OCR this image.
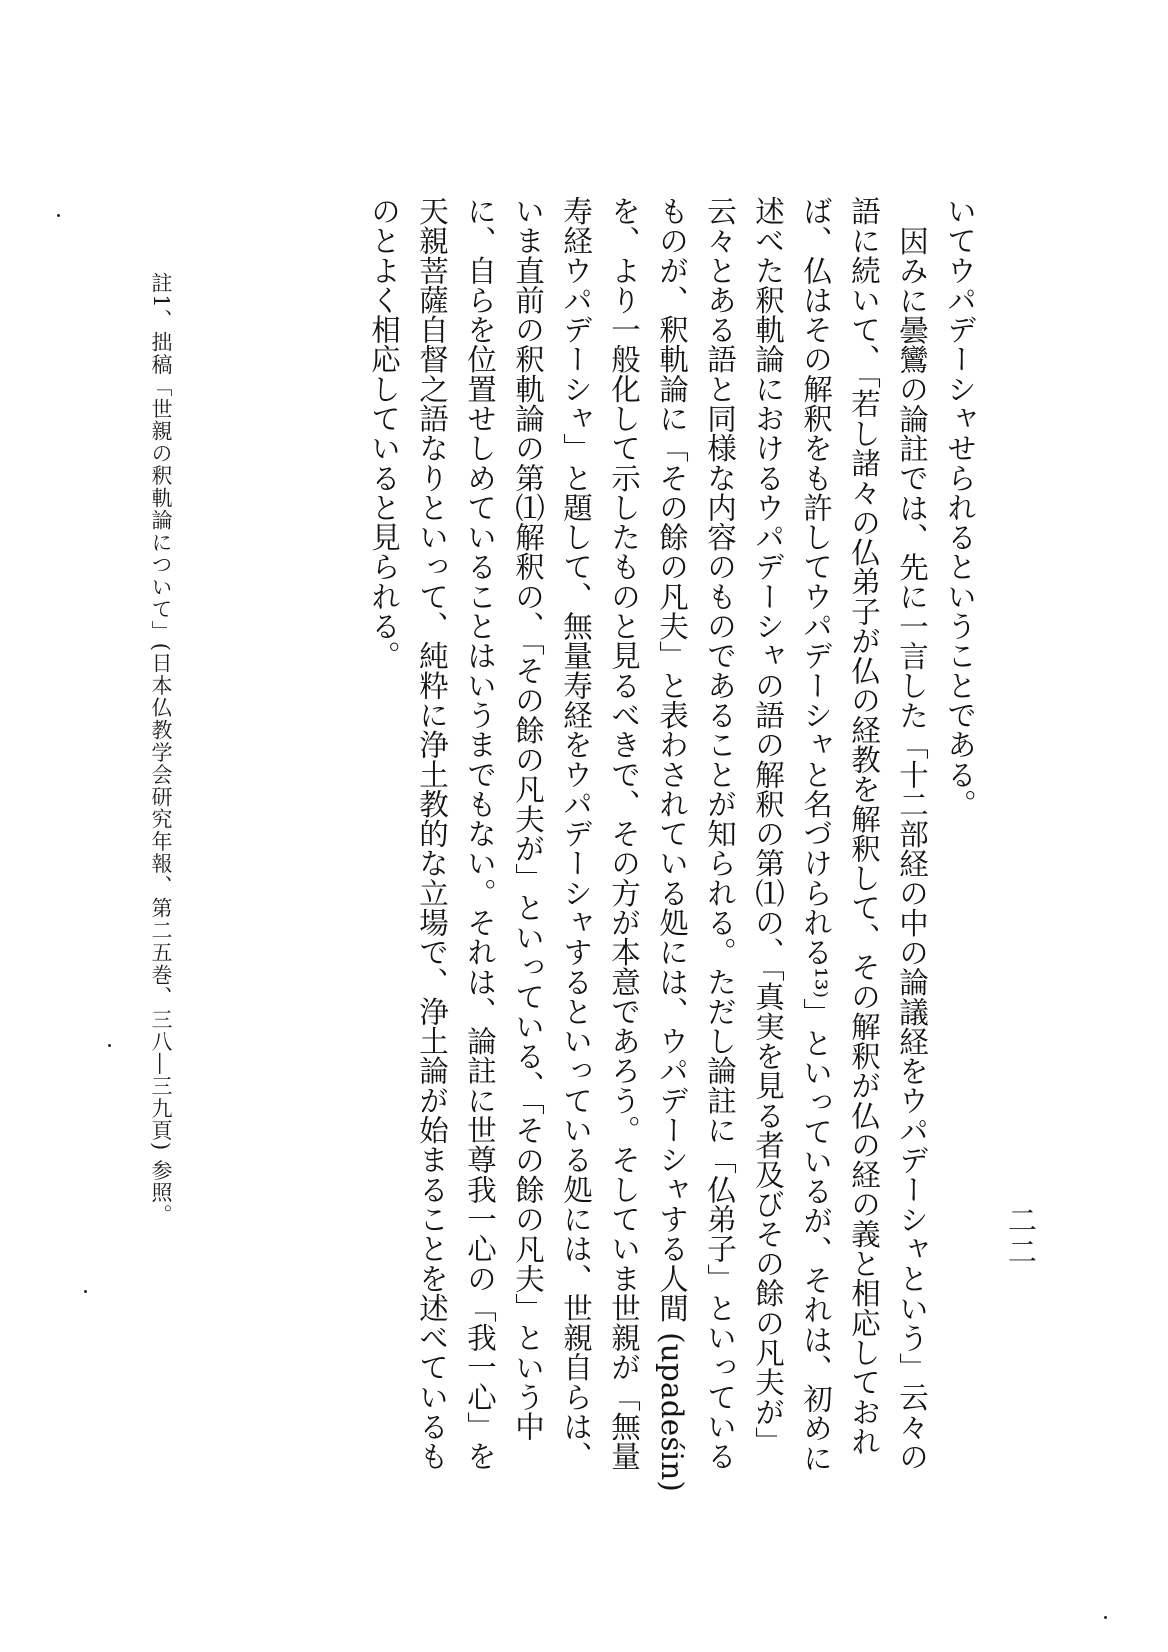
二二

いてウパデーシャせられるということである。

因みに曇鸞の論註では、先に一言した「十二部経の中の論議経をウパデーシャという」云々の語に続いて、「若し諸々の仏弟子が仏の経教を解釈して、その解釈が仏の経の義と相応しておれば、仏はその解釈をも許してウパデーシャと名づけられる¹³⁾」といっているが、それは、初めに述べた釈軌論におけるウパデーシャの語の解釈の第⑴の、「真実を見る者及びその餘の凡夫が」云々とある語と同様な内容のものであることが知られる。ただし論註に「仏弟子」といっているものが、釈軌論に「その餘の凡夫」と表わされている処には、ウパデーシャする人間 (upadeśin) を、より一般化して示したものと見るべきで、その方が本意であろう。そしていま世親が「無量寿経ウパデーシャ」と題して、無量寿経をウパデーシャするといっている処には、世親自らは、いま直前の釈軌論の第⑴解釈の、「その餘の凡夫が」といっている、「その餘の凡夫」という中に、自らを位置せしめていることはいうまでもない。それは、論註に世尊我一心の「我一心」を天親菩薩自督之語なりといって、純粋に浄土教的な立場で、浄土論が始まることを述べているものとよく相応していると見られる。

註1、拙稿「世親の釈軌論について」(日本仏教学会研究年報、第二五巻、三八―三九頁) 参照。
